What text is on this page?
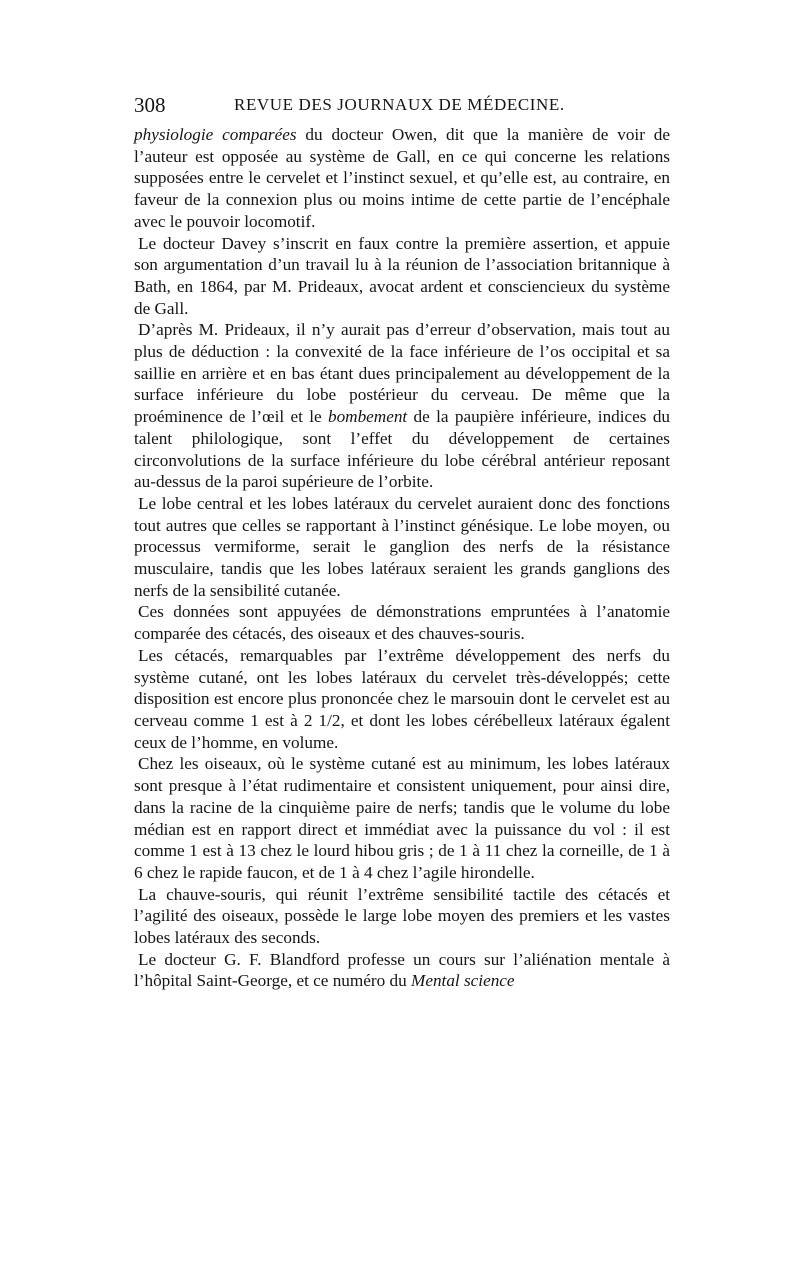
308	REVUE DES JOURNAUX DE MÉDECINE.

physiologie comparées du docteur Owen, dit que la manière de voir de l’auteur est opposée au système de Gall, en ce qui concerne les relations supposées entre le cervelet et l’instinct sexuel, et qu’elle est, au contraire, en faveur de la connexion plus ou moins intime de cette partie de l’encéphale avec le pouvoir locomotif.

Le docteur Davey s’inscrit en faux contre la première assertion, et appuie son argumentation d’un travail lu à la réunion de l’association britannique à Bath, en 1864, par M. Prideaux, avocat ardent et consciencieux du système de Gall.

D’après M. Prideaux, il n’y aurait pas d’erreur d’observation, mais tout au plus de déduction : la convexité de la face inférieure de l’os occipital et sa saillie en arrière et en bas étant dues principalement au développement de la surface inférieure du lobe postérieur du cerveau. De même que la proéminence de l’œil et le bombement de la paupière inférieure, indices du talent philologique, sont l’effet du développement de certaines circonvolutions de la surface inférieure du lobe cérébral antérieur reposant au-dessus de la paroi supérieure de l’orbite.

Le lobe central et les lobes latéraux du cervelet auraient donc des fonctions tout autres que celles se rapportant à l’instinct génésique. Le lobe moyen, ou processus vermiforme, serait le ganglion des nerfs de la résistance musculaire, tandis que les lobes latéraux seraient les grands ganglions des nerfs de la sensibilité cutanée.

Ces données sont appuyées de démonstrations empruntées à l’anatomie comparée des cétacés, des oiseaux et des chauves-souris.

Les cétacés, remarquables par l’extrême développement des nerfs du système cutané, ont les lobes latéraux du cervelet très-développés; cette disposition est encore plus prononcée chez le marsouin dont le cervelet est au cerveau comme 1 est à 2 1/2, et dont les lobes cérébelleux latéraux égalent ceux de l’homme, en volume.

Chez les oiseaux, où le système cutané est au minimum, les lobes latéraux sont presque à l’état rudimentaire et consistent uniquement, pour ainsi dire, dans la racine de la cinquième paire de nerfs; tandis que le volume du lobe médian est en rapport direct et immédiat avec la puissance du vol : il est comme 1 est à 13 chez le lourd hibou gris ; de 1 à 11 chez la corneille, de 1 à 6 chez le rapide faucon, et de 1 à 4 chez l’agile hirondelle.

La chauve-souris, qui réunit l’extrême sensibilité tactile des cétacés et l’agilité des oiseaux, possède le large lobe moyen des premiers et les vastes lobes latéraux des seconds.

Le docteur G. F. Blandford professe un cours sur l’aliénation mentale à l’hôpital Saint-George, et ce numéro du Mental science
